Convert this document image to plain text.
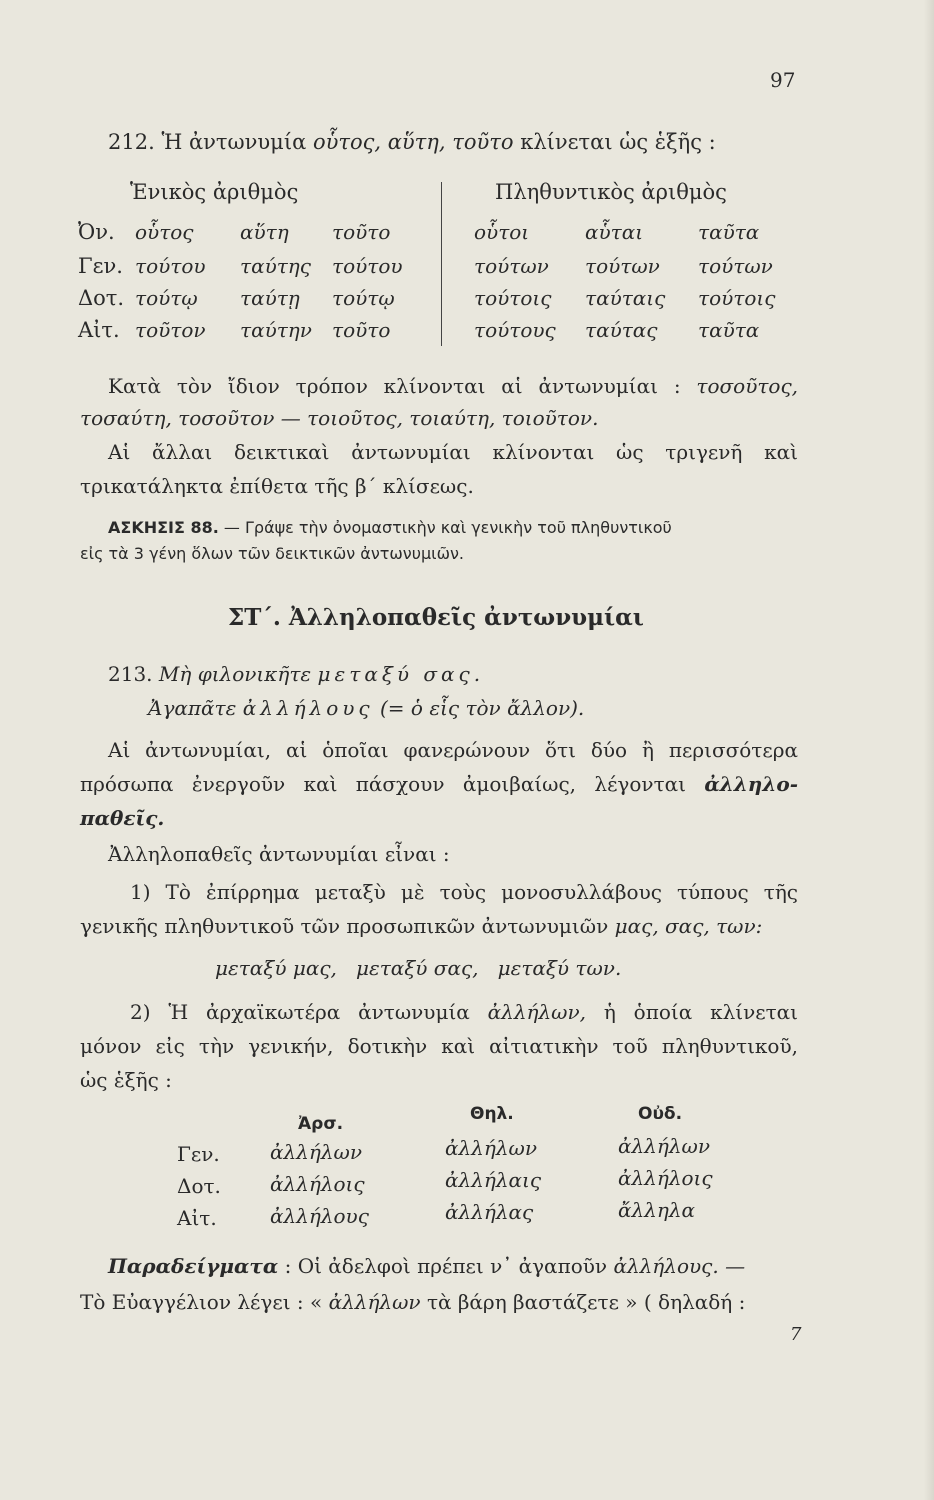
97
212. Ἡ ἀντωνυμία οὗτος, αὕτη, τοῦτο κλίνεται ὡς ἑξῆς :
Ἑνικὸς ἀριθμὸς	Πληθυντικὸς ἀριθμὸς
Ὀν. οὗτος αὕτη τοῦτο	οὗτοι	αὗται	ταῦτα
Γεν. τούτου ταύτης τούτου	τούτων τούτων τούτων
Δοτ. τούτῳ ταύτῃ τούτῳ	τούτοις ταύταις τούτοις
Αἰτ. τοῦτον ταύτην τοῦτο	τούτους ταύτας ταῦτα
Κατὰ τὸν ἴδιον τρόπον κλίνονται αἱ ἀντωνυμίαι : τοσοῦτος,
τοσαύτη, τοσοῦτον — τοιοῦτος, τοιαύτη, τοιοῦτον.
Αἱ ἄλλαι δεικτικαὶ ἀντωνυμίαι κλίνονται ὡς τριγενῆ καὶ
τρικατάληκτα ἐπίθετα τῆς β΄ κλίσεως.
ΑΣΚΗΣΙΣ 88. — Γράψε τὴν ὀνομαστικὴν καὶ γενικὴν τοῦ πληθυντικοῦ
εἰς τὰ 3 γένη ὅλων τῶν δεικτικῶν ἀντωνυμιῶν.
ΣΤ΄. Ἀλληλοπαθεῖς ἀντωνυμίαι
213. Μὴ φιλονικῆτε μεταξύ σας.
Ἀγαπᾶτε ἀλλήλους (= ὁ εἷς τὸν ἄλλον).
Αἱ ἀντωνυμίαι, αἱ ὁποῖαι φανερώνουν ὅτι δύο ἢ περισσότερα
πρόσωπα ἐνεργοῦν καὶ πάσχουν ἀμοιβαίως, λέγονται ἀλληλο-
παθεῖς.
Ἀλληλοπαθεῖς ἀντωνυμίαι εἶναι :
1) Τὸ ἐπίρρημα μεταξὺ μὲ τοὺς μονοσυλλάβους τύπους τῆς
γενικῆς πληθυντικοῦ τῶν προσωπικῶν ἀντωνυμιῶν μας, σας, των:
μεταξύ μας,   μεταξύ σας,   μεταξύ των.
2) Ἡ ἀρχαϊκωτέρα ἀντωνυμία ἀλλήλων, ἡ ὁποία κλίνεται
μόνον εἰς τὴν γενικήν, δοτικὴν καὶ αἰτιατικὴν τοῦ πληθυντικοῦ,
ὡς ἑξῆς :
Ἀρσ.	Θηλ.	Οὐδ.
Γεν.	ἀλλήλων	ἀλλήλων	ἀλλήλων
Δοτ. ἀλλήλοις	ἀλλήλαις	ἀλλήλοις
Αἰτ.	ἀλλήλους	ἀλλήλας	ἄλληλα
Παραδείγματα : Οἱ ἀδελφοὶ πρέπει ν᾿ ἀγαποῦν ἀλλήλους. —
Τὸ Εὐαγγέλιον λέγει : « ἀλλήλων τὰ βάρη βαστάζετε » ( δηλαδή :
7
